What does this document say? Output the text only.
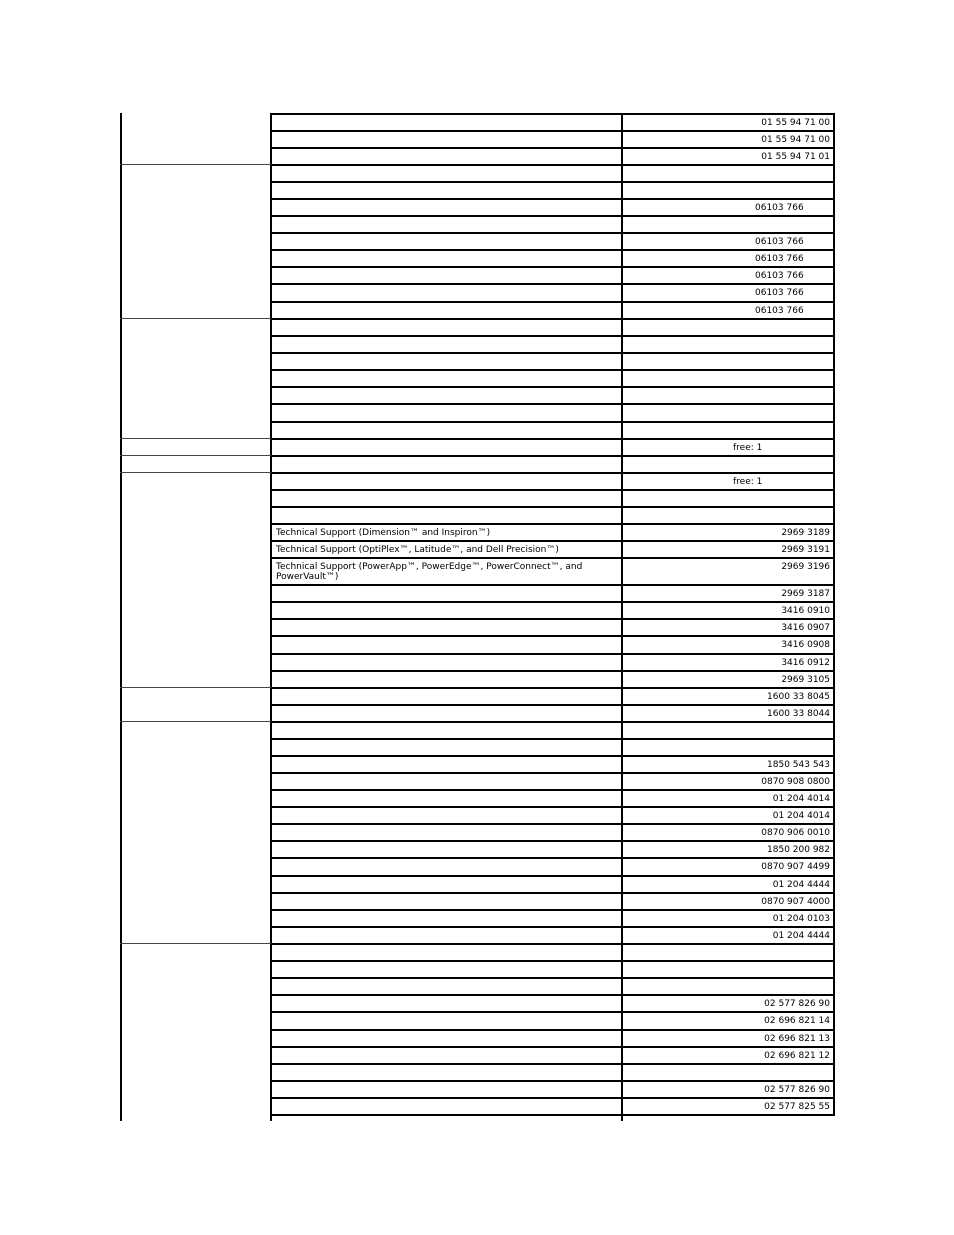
01 55 94 71 00
01 55 94 71 00
01 55 94 71 01
06103 766
06103 766
06103 766
06103 766
06103 766
06103 766
free: 1
free: 1
Technical Support (Dimension™ and Inspiron™)	2969 3189
Technical Support (OptiPlex™, Latitude™, and Dell Precision™)	2969 3191
Technical Support (PowerApp™, PowerEdge™, PowerConnect™, and PowerVault™)
2969 3196
2969 3187
3416 0910
3416 0907
3416 0908
3416 0912
2969 3105
1600 33 8045
1600 33 8044
1850 543 543
0870 908 0800
01 204 4014
01 204 4014
0870 906 0010
1850 200 982
0870 907 4499
01 204 4444
0870 907 4000
01 204 0103
01 204 4444
02 577 826 90
02 696 821 14
02 696 821 13
02 696 821 12
02 577 826 90
02 577 825 55
